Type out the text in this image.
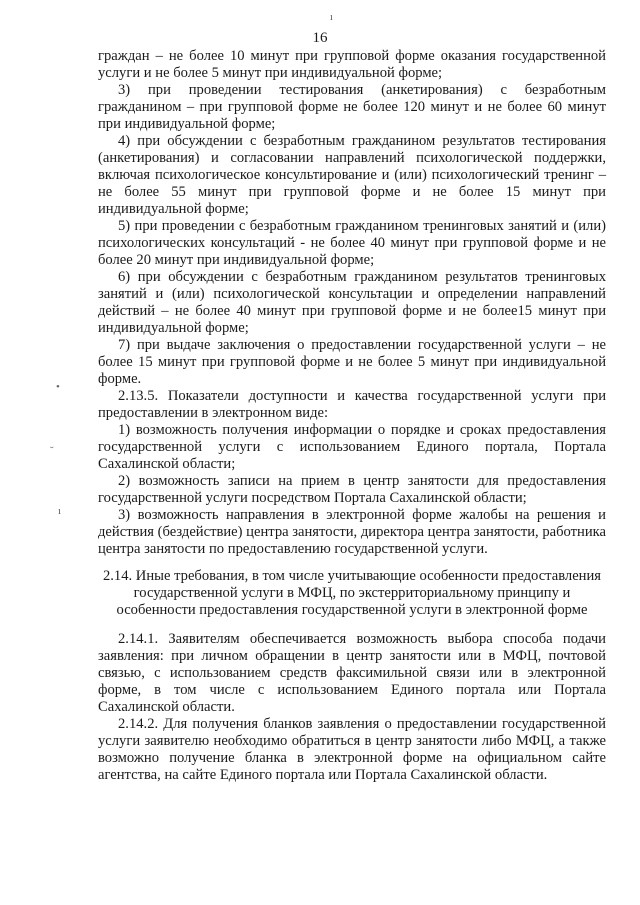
ı
16
•
˘
ı

граждан – не более 10 минут при групповой форме оказания государственной услуги и не более 5 минут при индивидуальной форме;

3) при проведении тестирования (анкетирования) с безработным гражданином – при групповой форме не более 120 минут и не более 60 минут при индивидуальной форме;

4) при обсуждении с безработным гражданином результатов тестирования (анкетирования) и согласовании направлений психологической поддержки, включая психологическое консультирование и (или) психологический тренинг – не более 55 минут при групповой форме и не более 15 минут при индивидуальной форме;

5) при проведении с безработным гражданином тренинговых занятий и (или) психологических консультаций - не более 40 минут при групповой форме и не более 20 минут при индивидуальной форме;

6) при обсуждении с безработным гражданином результатов тренинговых занятий и (или) психологической консультации и определении направлений действий – не более 40 минут при групповой форме и не более15 минут при индивидуальной форме;

7) при выдаче заключения о предоставлении государственной услуги – не более 15 минут при групповой форме и не более 5 минут при индивидуальной форме.

2.13.5. Показатели доступности и качества государственной услуги при предоставлении в электронном виде:

1) возможность получения информации о порядке и сроках предоставления государственной услуги с использованием Единого портала, Портала Сахалинской области;

2) возможность записи на прием в центр занятости для предоставления государственной услуги посредством Портала Сахалинской области;

3) возможность направления в электронной форме жалобы на решения и действия (бездействие) центра занятости, директора центра занятости, работника центра занятости по предоставлению государственной услуги.

2.14. Иные требования, в том числе учитывающие особенности предоставления государственной услуги в МФЦ, по экстерриториальному принципу и особенности предоставления государственной услуги в электронной форме

2.14.1. Заявителям обеспечивается возможность выбора способа подачи заявления: при личном обращении в центр занятости или в МФЦ, почтовой связью, с использованием средств факсимильной связи или в электронной форме, в том числе с использованием Единого портала или Портала Сахалинской области.

2.14.2. Для получения бланков заявления о предоставлении государственной услуги заявителю необходимо обратиться в центр занятости либо МФЦ, а также возможно получение бланка в электронной форме на официальном сайте агентства, на сайте Единого портала или Портала Сахалинской области.
